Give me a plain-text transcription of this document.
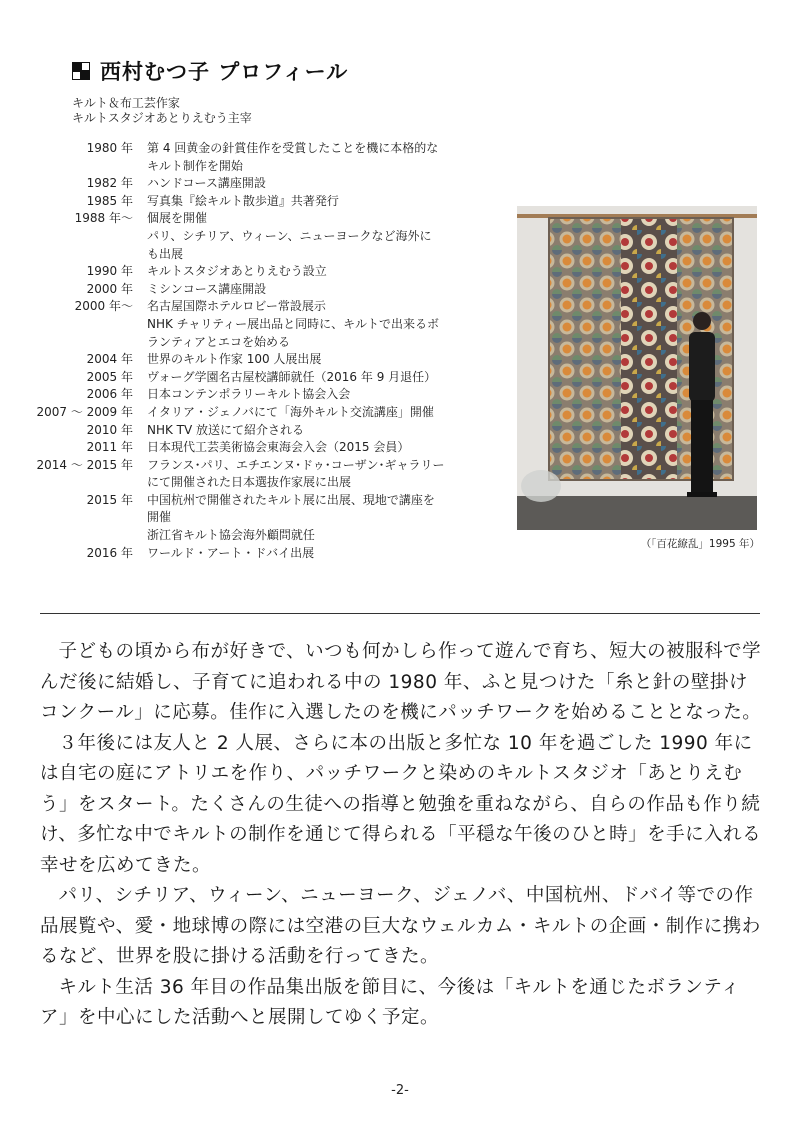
西村むつ子 プロフィール
キルト＆布工芸作家
キルトスタジオあとりえむう主宰
1980 年 第 4 回黄金の針賞佳作を受賞したことを機に本格的な
キルト制作を開始
1982 年 ハンドコース講座開設
1985 年 写真集『絵キルト散歩道』共著発行
1988 年～ 個展を開催
パリ、シチリア、ウィーン、ニューヨークなど海外に
も出展
1990 年 キルトスタジオあとりえむう設立
2000 年 ミシンコース講座開設
2000 年～ 名古屋国際ホテルロビー常設展示
NHK チャリティー展出品と同時に、キルトで出来るボ
ランティアとエコを始める
2004 年 世界のキルト作家 100 人展出展
2005 年 ヴォーグ学園名古屋校講師就任（2016 年 9 月退任）
2006 年 日本コンテンポラリーキルト協会入会
2007 ～ 2009 年 イタリア・ジェノバにて「海外キルト交流講座」開催
2010 年 NHK TV 放送にて紹介される
2011 年 日本現代工芸美術協会東海会入会（2015 会員）
2014 ～ 2015 年 フランス･パリ、エチエンヌ･ドゥ･コーザン･ギャラリー
にて開催された日本選抜作家展に出展
2015 年 中国杭州で開催されたキルト展に出展、現地で講座を
開催
浙江省キルト協会海外顧問就任
2016 年 ワールド・アート・ドバイ出展
（「百花繚乱」1995 年）

子どもの頃から布が好きで、いつも何かしら作って遊んで育ち、短大の被服科で学んだ後に結婚し、子育てに追われる中の 1980 年、ふと見つけた「糸と針の壁掛けコンクール」に応募。佳作に入選したのを機にパッチワークを始めることとなった。

３年後には友人と 2 人展、さらに本の出版と多忙な 10 年を過ごした 1990 年には自宅の庭にアトリエを作り、パッチワークと染めのキルトスタジオ「あとりえむう」をスタート。たくさんの生徒への指導と勉強を重ねながら、自らの作品も作り続け、多忙な中でキルトの制作を通じて得られる「平穏な午後のひと時」を手に入れる幸せを広めてきた。

パリ、シチリア、ウィーン、ニューヨーク、ジェノバ、中国杭州、ドバイ等での作品展覧や、愛・地球博の際には空港の巨大なウェルカム・キルトの企画・制作に携わるなど、世界を股に掛ける活動を行ってきた。

キルト生活 36 年目の作品集出版を節目に、今後は「キルトを通じたボランティア」を中心にした活動へと展開してゆく予定。

-2-
